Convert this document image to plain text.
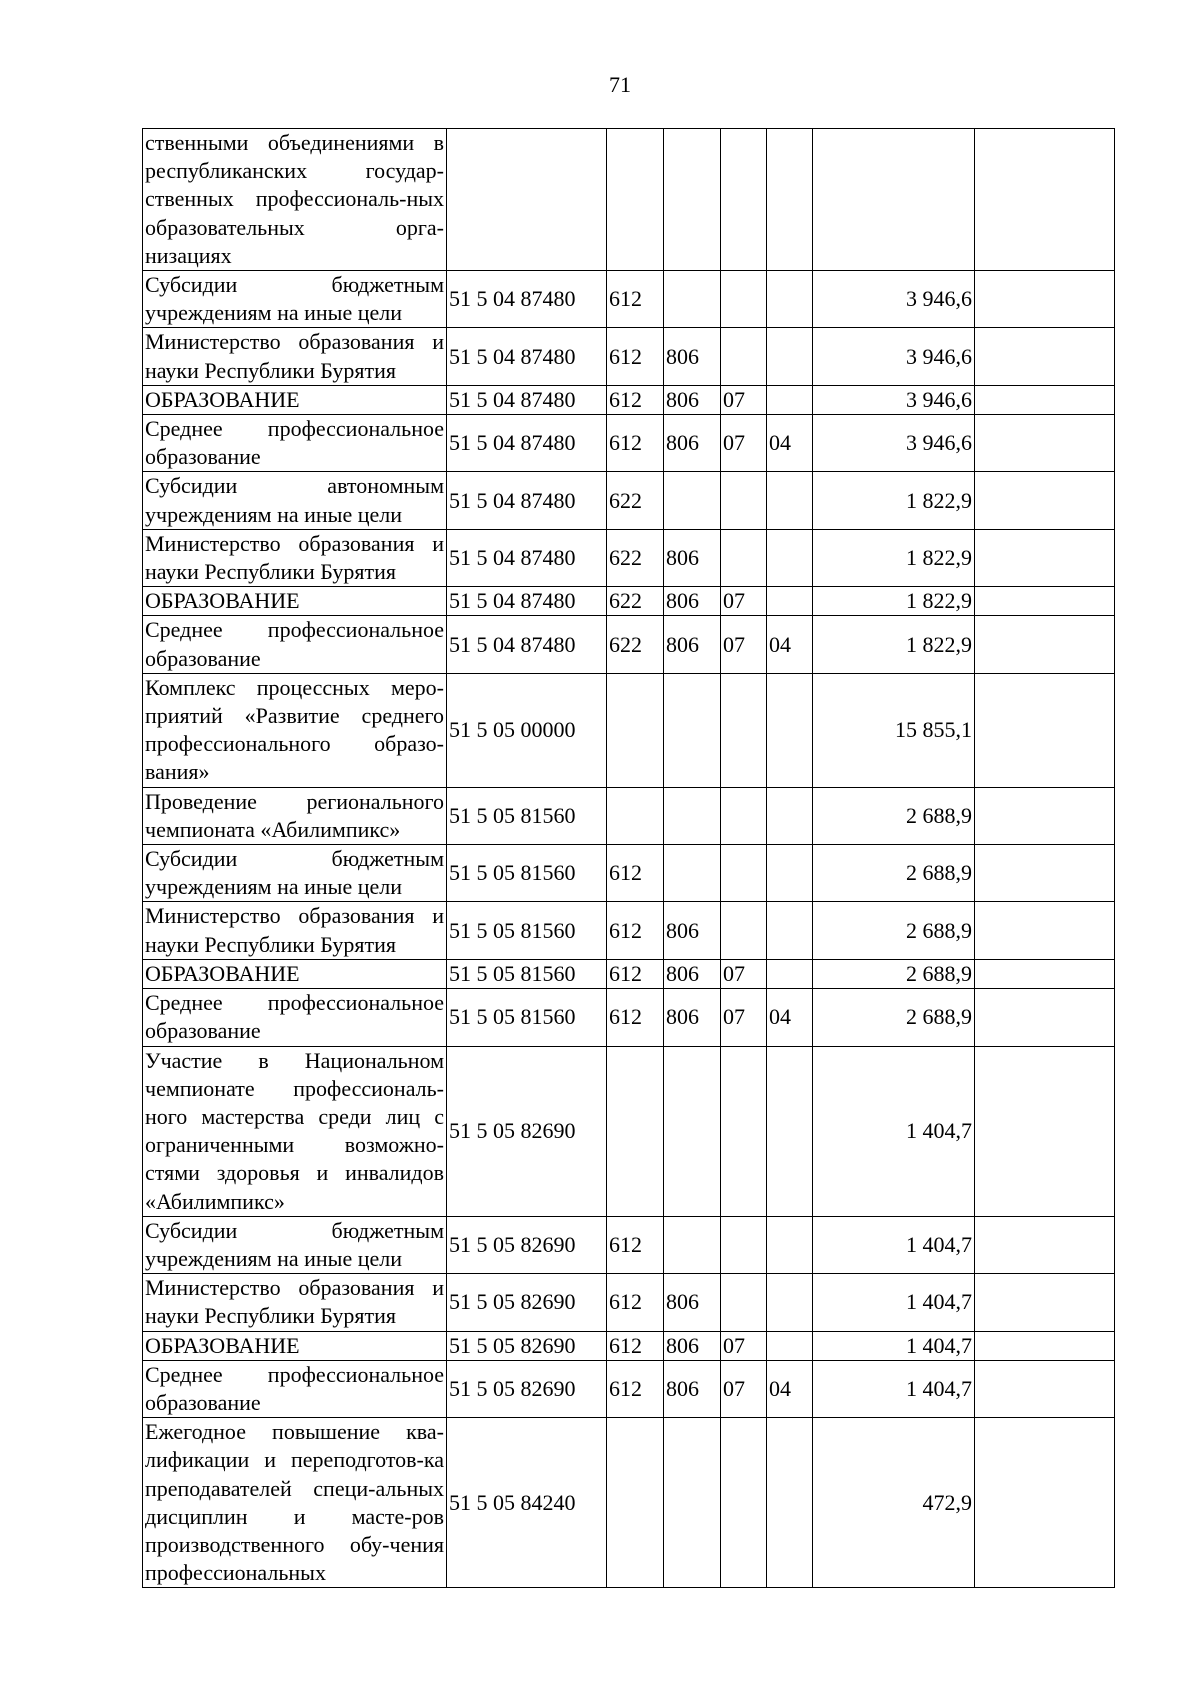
71
ственными объединениями в республиканских государ-ственных профессиональ-ных образовательных орга-низациях							
Субсидии бюджетным учреждениям на иные цели	51 5 04 87480	612				3 946,6	
Министерство образования и науки Республики Бурятия	51 5 04 87480	612	806			3 946,6	
ОБРАЗОВАНИЕ	51 5 04 87480	612	806	07		3 946,6	
Среднее профессиональное образование	51 5 04 87480	612	806	07	04	3 946,6	
Субсидии автономным учреждениям на иные цели	51 5 04 87480	622				1 822,9	
Министерство образования и науки Республики Бурятия	51 5 04 87480	622	806			1 822,9	
ОБРАЗОВАНИЕ	51 5 04 87480	622	806	07		1 822,9	
Среднее профессиональное образование	51 5 04 87480	622	806	07	04	1 822,9	
Комплекс процессных меро-приятий «Развитие среднего профессионального образо-вания»	51 5 05 00000					15 855,1	
Проведение регионального чемпионата «Абилимпикс»	51 5 05 81560					2 688,9	
Субсидии бюджетным учреждениям на иные цели	51 5 05 81560	612				2 688,9	
Министерство образования и науки Республики Бурятия	51 5 05 81560	612	806			2 688,9	
ОБРАЗОВАНИЕ	51 5 05 81560	612	806	07		2 688,9	
Среднее профессиональное образование	51 5 05 81560	612	806	07	04	2 688,9	
Участие в Национальном чемпионате профессиональ-ного мастерства среди лиц с ограниченными возможно-стями здоровья и инвалидов «Абилимпикс»	51 5 05 82690					1 404,7	
Субсидии бюджетным учреждениям на иные цели	51 5 05 82690	612				1 404,7	
Министерство образования и науки Республики Бурятия	51 5 05 82690	612	806			1 404,7	
ОБРАЗОВАНИЕ	51 5 05 82690	612	806	07		1 404,7	
Среднее профессиональное образование	51 5 05 82690	612	806	07	04	1 404,7	
Ежегодное повышение ква-лификации и переподготов-ка преподавателей специ-альных дисциплин и масте-ров производственного обу-чения профессиональных	51 5 05 84240					472,9	
